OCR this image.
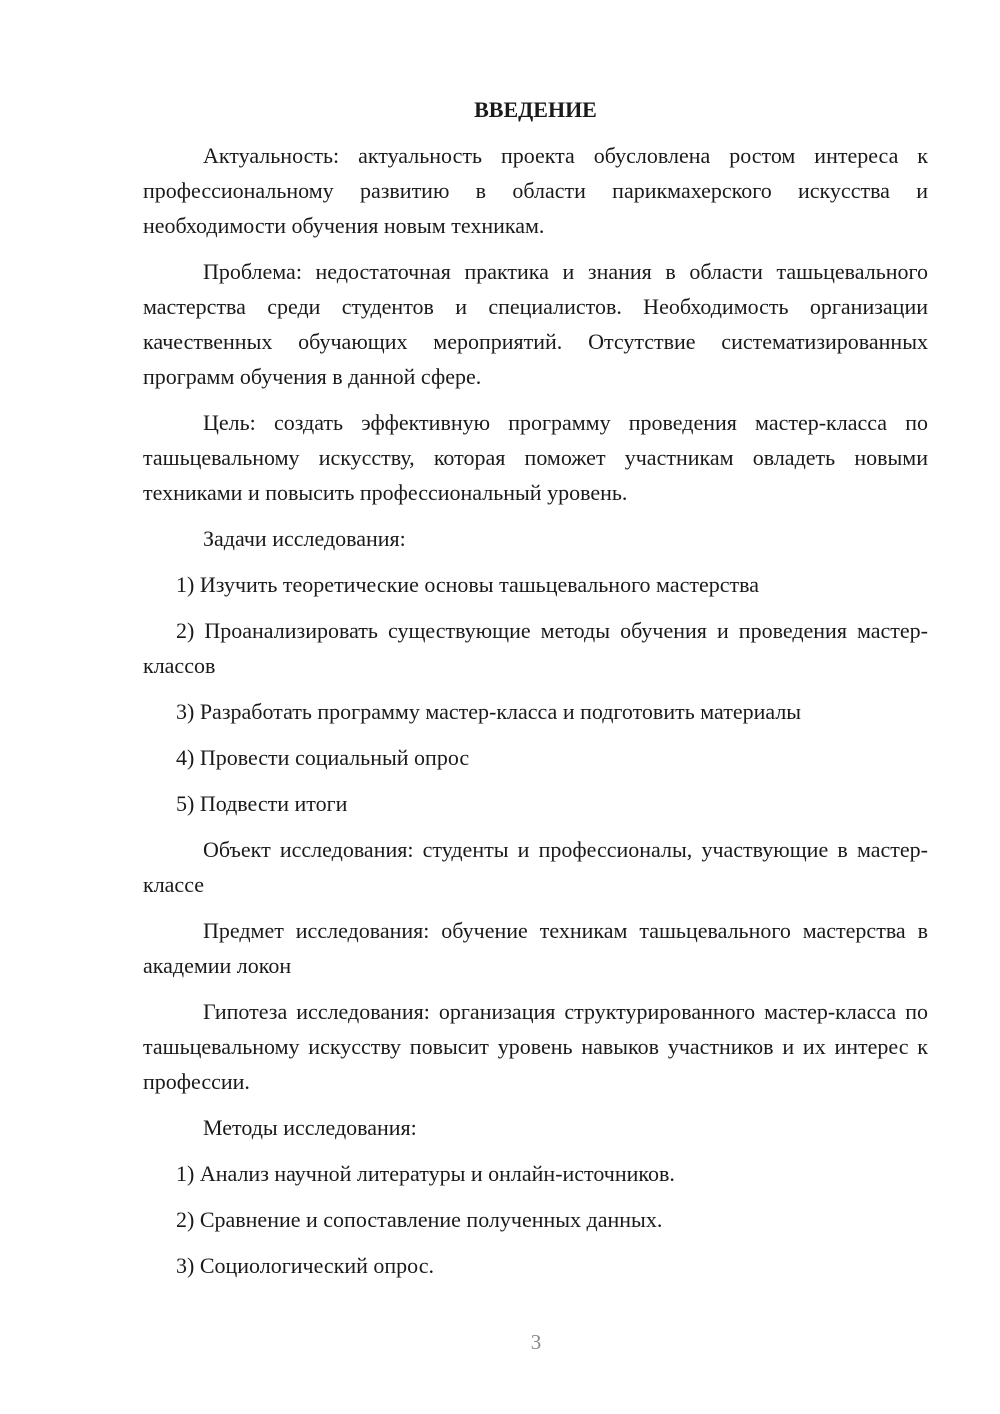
ВВЕДЕНИЕ

Актуальность: актуальность проекта обусловлена ростом интереса к профессиональному развитию в области парикмахерского искусства и необходимости обучения новым техникам.

Проблема: недостаточная практика и знания в области ташьцевального мастерства среди студентов и специалистов. Необходимость организации качественных обучающих мероприятий. Отсутствие систематизированных программ обучения в данной сфере.

Цель: создать эффективную программу проведения мастер-класса по ташьцевальному искусству, которая поможет участникам овладеть новыми техниками и повысить профессиональный уровень.

Задачи исследования:

1) Изучить теоретические основы ташьцевального мастерства

2) Проанализировать существующие методы обучения и проведения мастер-классов

3) Разработать программу мастер-класса и подготовить материалы

4) Провести социальный опрос

5) Подвести итоги

Объект исследования: студенты и профессионалы, участвующие в мастер-классе

Предмет исследования: обучение техникам ташьцевального мастерства в академии локон

Гипотеза исследования: организация структурированного мастер-класса по ташьцевальному искусству повысит уровень навыков участников и их интерес к профессии.

Методы исследования:

1) Анализ научной литературы и онлайн-источников.

2) Сравнение и сопоставление полученных данных.

3) Социологический опрос.

3
